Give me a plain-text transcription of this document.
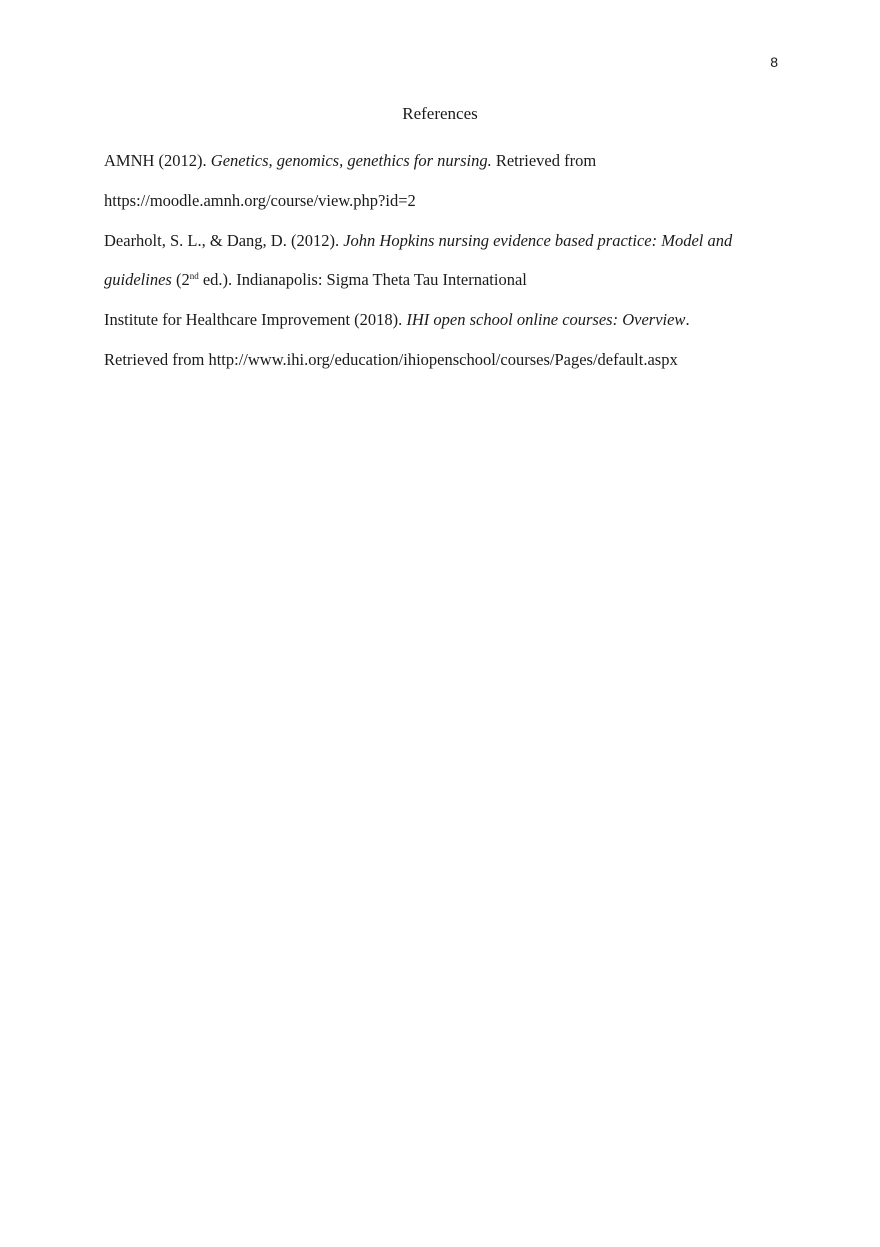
8
References
AMNH (2012). Genetics, genomics, genethics for nursing. Retrieved from
https://moodle.amnh.org/course/view.php?id=2
Dearholt, S. L., & Dang, D. (2012). John Hopkins nursing evidence based practice: Model and
guidelines (2nd ed.). Indianapolis: Sigma Theta Tau International
Institute for Healthcare Improvement (2018). IHI open school online courses: Overview.
Retrieved from http://www.ihi.org/education/ihiopenschool/courses/Pages/default.aspx
